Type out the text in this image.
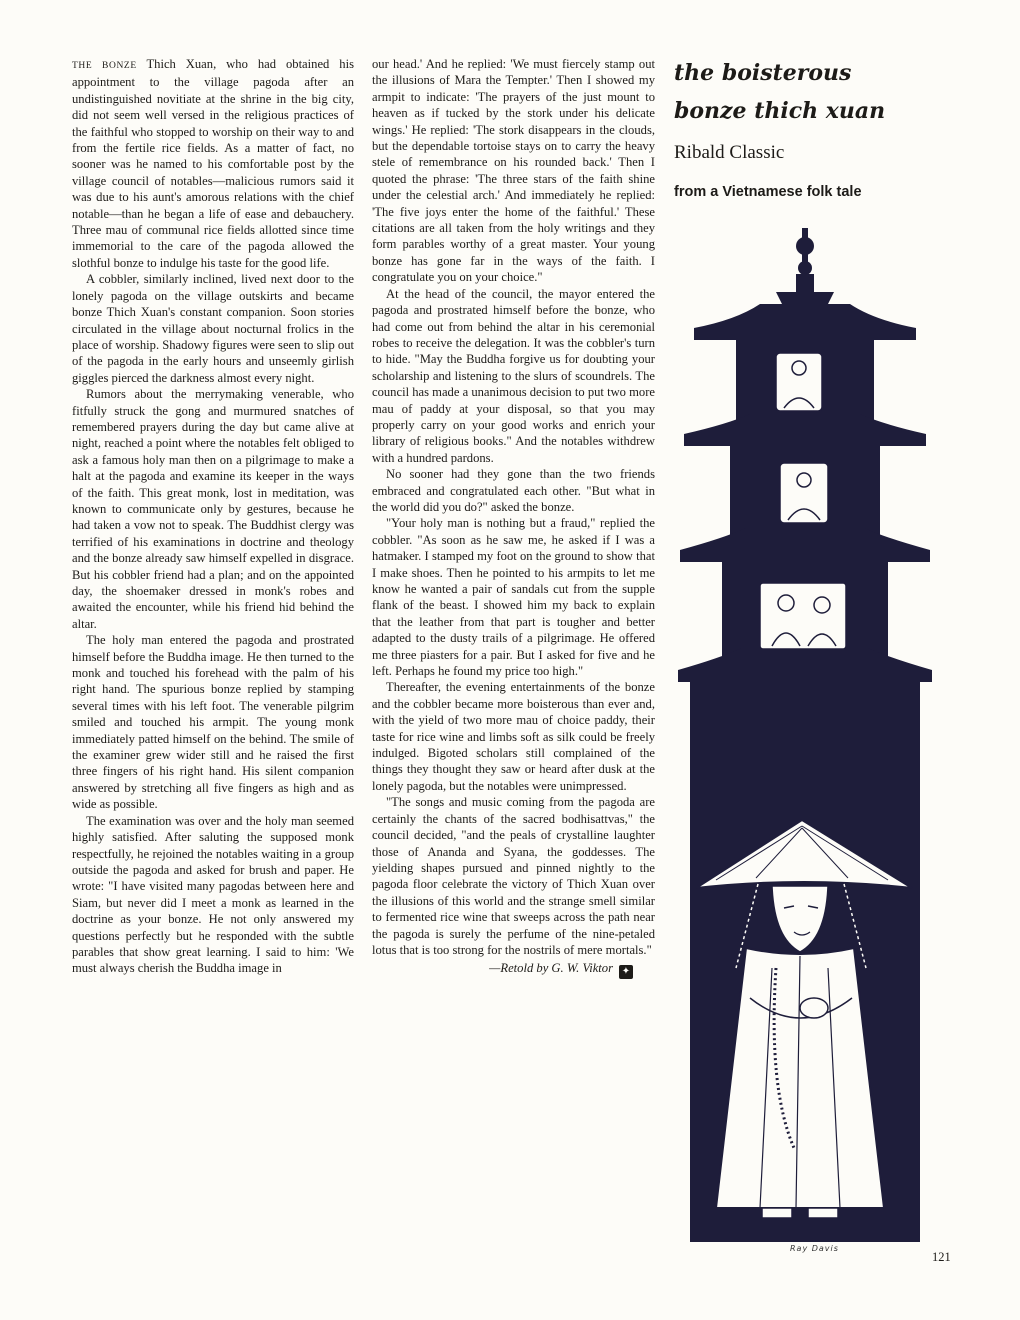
THE BONZE Thich Xuan, who had obtained his appointment to the village pagoda after an undistinguished novitiate at the shrine in the big city, did not seem well versed in the religious practices of the faithful who stopped to worship on their way to and from the fertile rice fields. As a matter of fact, no sooner was he named to his comfortable post by the village council of notables—malicious rumors said it was due to his aunt's amorous relations with the chief notable—than he began a life of ease and debauchery. Three mau of communal rice fields allotted since time immemorial to the care of the pagoda allowed the slothful bonze to indulge his taste for the good life.

A cobbler, similarly inclined, lived next door to the lonely pagoda on the village outskirts and became bonze Thich Xuan's constant companion. Soon stories circulated in the village about nocturnal frolics in the place of worship. Shadowy figures were seen to slip out of the pagoda in the early hours and unseemly girlish giggles pierced the darkness almost every night.

Rumors about the merrymaking venerable, who fitfully struck the gong and murmured snatches of remembered prayers during the day but came alive at night, reached a point where the notables felt obliged to ask a famous holy man then on a pilgrimage to make a halt at the pagoda and examine its keeper in the ways of the faith. This great monk, lost in meditation, was known to communicate only by gestures, because he had taken a vow not to speak. The Buddhist clergy was terrified of his examinations in doctrine and theology and the bonze already saw himself expelled in disgrace. But his cobbler friend had a plan; and on the appointed day, the shoemaker dressed in monk's robes and awaited the encounter, while his friend hid behind the altar.

The holy man entered the pagoda and prostrated himself before the Buddha image. He then turned to the monk and touched his forehead with the palm of his right hand. The spurious bonze replied by stamping several times with his left foot. The venerable pilgrim smiled and touched his armpit. The young monk immediately patted himself on the behind. The smile of the examiner grew wider still and he raised the first three fingers of his right hand. His silent companion answered by stretching all five fingers as high and as wide as possible.

The examination was over and the holy man seemed highly satisfied. After saluting the supposed monk respectfully, he rejoined the notables waiting in a group outside the pagoda and asked for brush and paper. He wrote: "I have visited many pagodas between here and Siam, but never did I meet a monk as learned in the doctrine as your bonze. He not only answered my questions perfectly but he responded with the subtle parables that show great learning. I said to him: 'We must always cherish the Buddha image in

our head.' And he replied: 'We must fiercely stamp out the illusions of Mara the Tempter.' Then I showed my armpit to indicate: 'The prayers of the just mount to heaven as if tucked by the stork under his delicate wings.' He replied: 'The stork disappears in the clouds, but the dependable tortoise stays on to carry the heavy stele of remembrance on his rounded back.' Then I quoted the phrase: 'The three stars of the faith shine under the celestial arch.' And immediately he replied: 'The five joys enter the home of the faithful.' These citations are all taken from the holy writings and they form parables worthy of a great master. Your young bonze has gone far in the ways of the faith. I congratulate you on your choice."

At the head of the council, the mayor entered the pagoda and prostrated himself before the bonze, who had come out from behind the altar in his ceremonial robes to receive the delegation. It was the cobbler's turn to hide. "May the Buddha forgive us for doubting your scholarship and listening to the slurs of scoundrels. The council has made a unanimous decision to put two more mau of paddy at your disposal, so that you may properly carry on your good works and enrich your library of religious books." And the notables withdrew with a hundred pardons.

No sooner had they gone than the two friends embraced and congratulated each other. "But what in the world did you do?" asked the bonze.

"Your holy man is nothing but a fraud," replied the cobbler. "As soon as he saw me, he asked if I was a hatmaker. I stamped my foot on the ground to show that I make shoes. Then he pointed to his armpits to let me know he wanted a pair of sandals cut from the supple flank of the beast. I showed him my back to explain that the leather from that part is tougher and better adapted to the dusty trails of a pilgrimage. He offered me three piasters for a pair. But I asked for five and he left. Perhaps he found my price too high."

Thereafter, the evening entertainments of the bonze and the cobbler became more boisterous than ever and, with the yield of two more mau of choice paddy, their taste for rice wine and limbs soft as silk could be freely indulged. Bigoted scholars still complained of the things they thought they saw or heard after dusk at the lonely pagoda, but the notables were unimpressed.

"The songs and music coming from the pagoda are certainly the chants of the sacred bodhisattvas," the council decided, "and the peals of crystalline laughter those of Ananda and Syana, the goddesses. The yielding shapes pursued and pinned nightly to the pagoda floor celebrate the victory of Thich Xuan over the illusions of this world and the strange smell similar to fermented rice wine that sweeps across the path near the pagoda is surely the perfume of the nine-petaled lotus that is too strong for the nostrils of mere mortals."

—Retold by G. W. Viktor ✦
the boisterous
bonze thich xuan
Ribald Classic
from a Vietnamese folk tale
Ray Davis
121
